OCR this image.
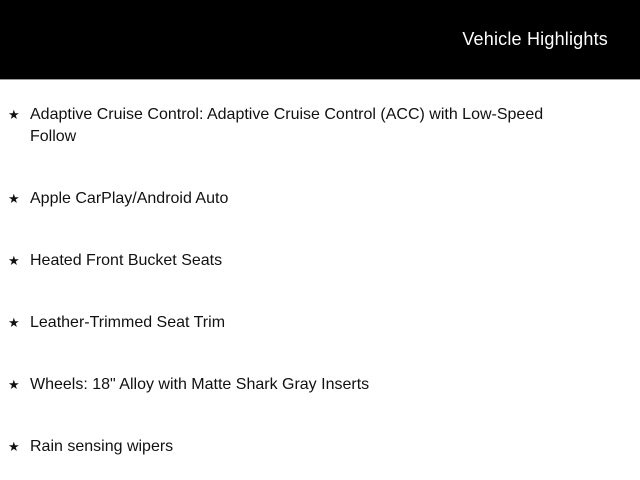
Vehicle Highlights
★ Adaptive Cruise Control: Adaptive Cruise Control (ACC) with Low-Speed Follow
★ Apple CarPlay/Android Auto
★ Heated Front Bucket Seats
★ Leather-Trimmed Seat Trim
★ Wheels: 18" Alloy with Matte Shark Gray Inserts
★ Rain sensing wipers
